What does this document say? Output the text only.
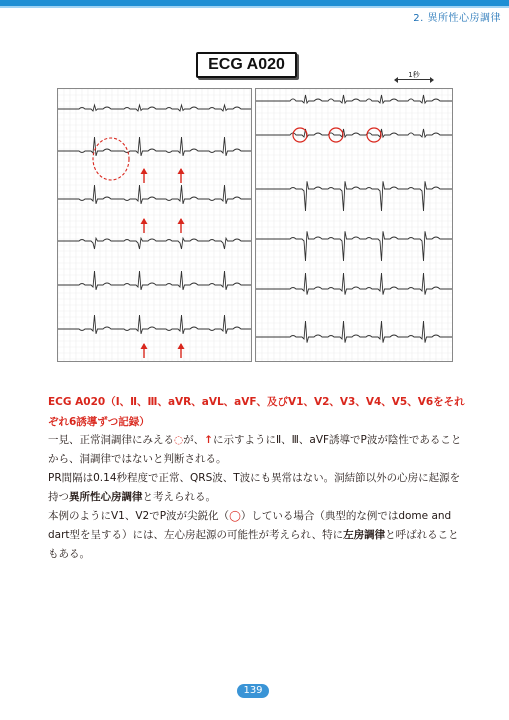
2. 異所性心房調律
ECG A020
1秒
ECG A020（Ⅰ、Ⅱ、Ⅲ、aVR、aVL、aVF、及びV1、V2、V3、V4、V5、V6をそれぞれ6誘導ずつ記録）
一見、正常洞調律にみえる◌が、↑に示すようにⅡ、Ⅲ、aVF誘導でP波が陰性であることから、洞調律ではないと判断される。
PR間隔は0.14秒程度で正常、QRS波、T波にも異常はない。洞結節以外の心房に起源を持つ異所性心房調律と考えられる。
本例のようにV1、V2でP波が尖鋭化（◯）している場合（典型的な例ではdome and dart型を呈する）には、左心房起源の可能性が考えられ、特に左房調律と呼ばれることもある。
139
